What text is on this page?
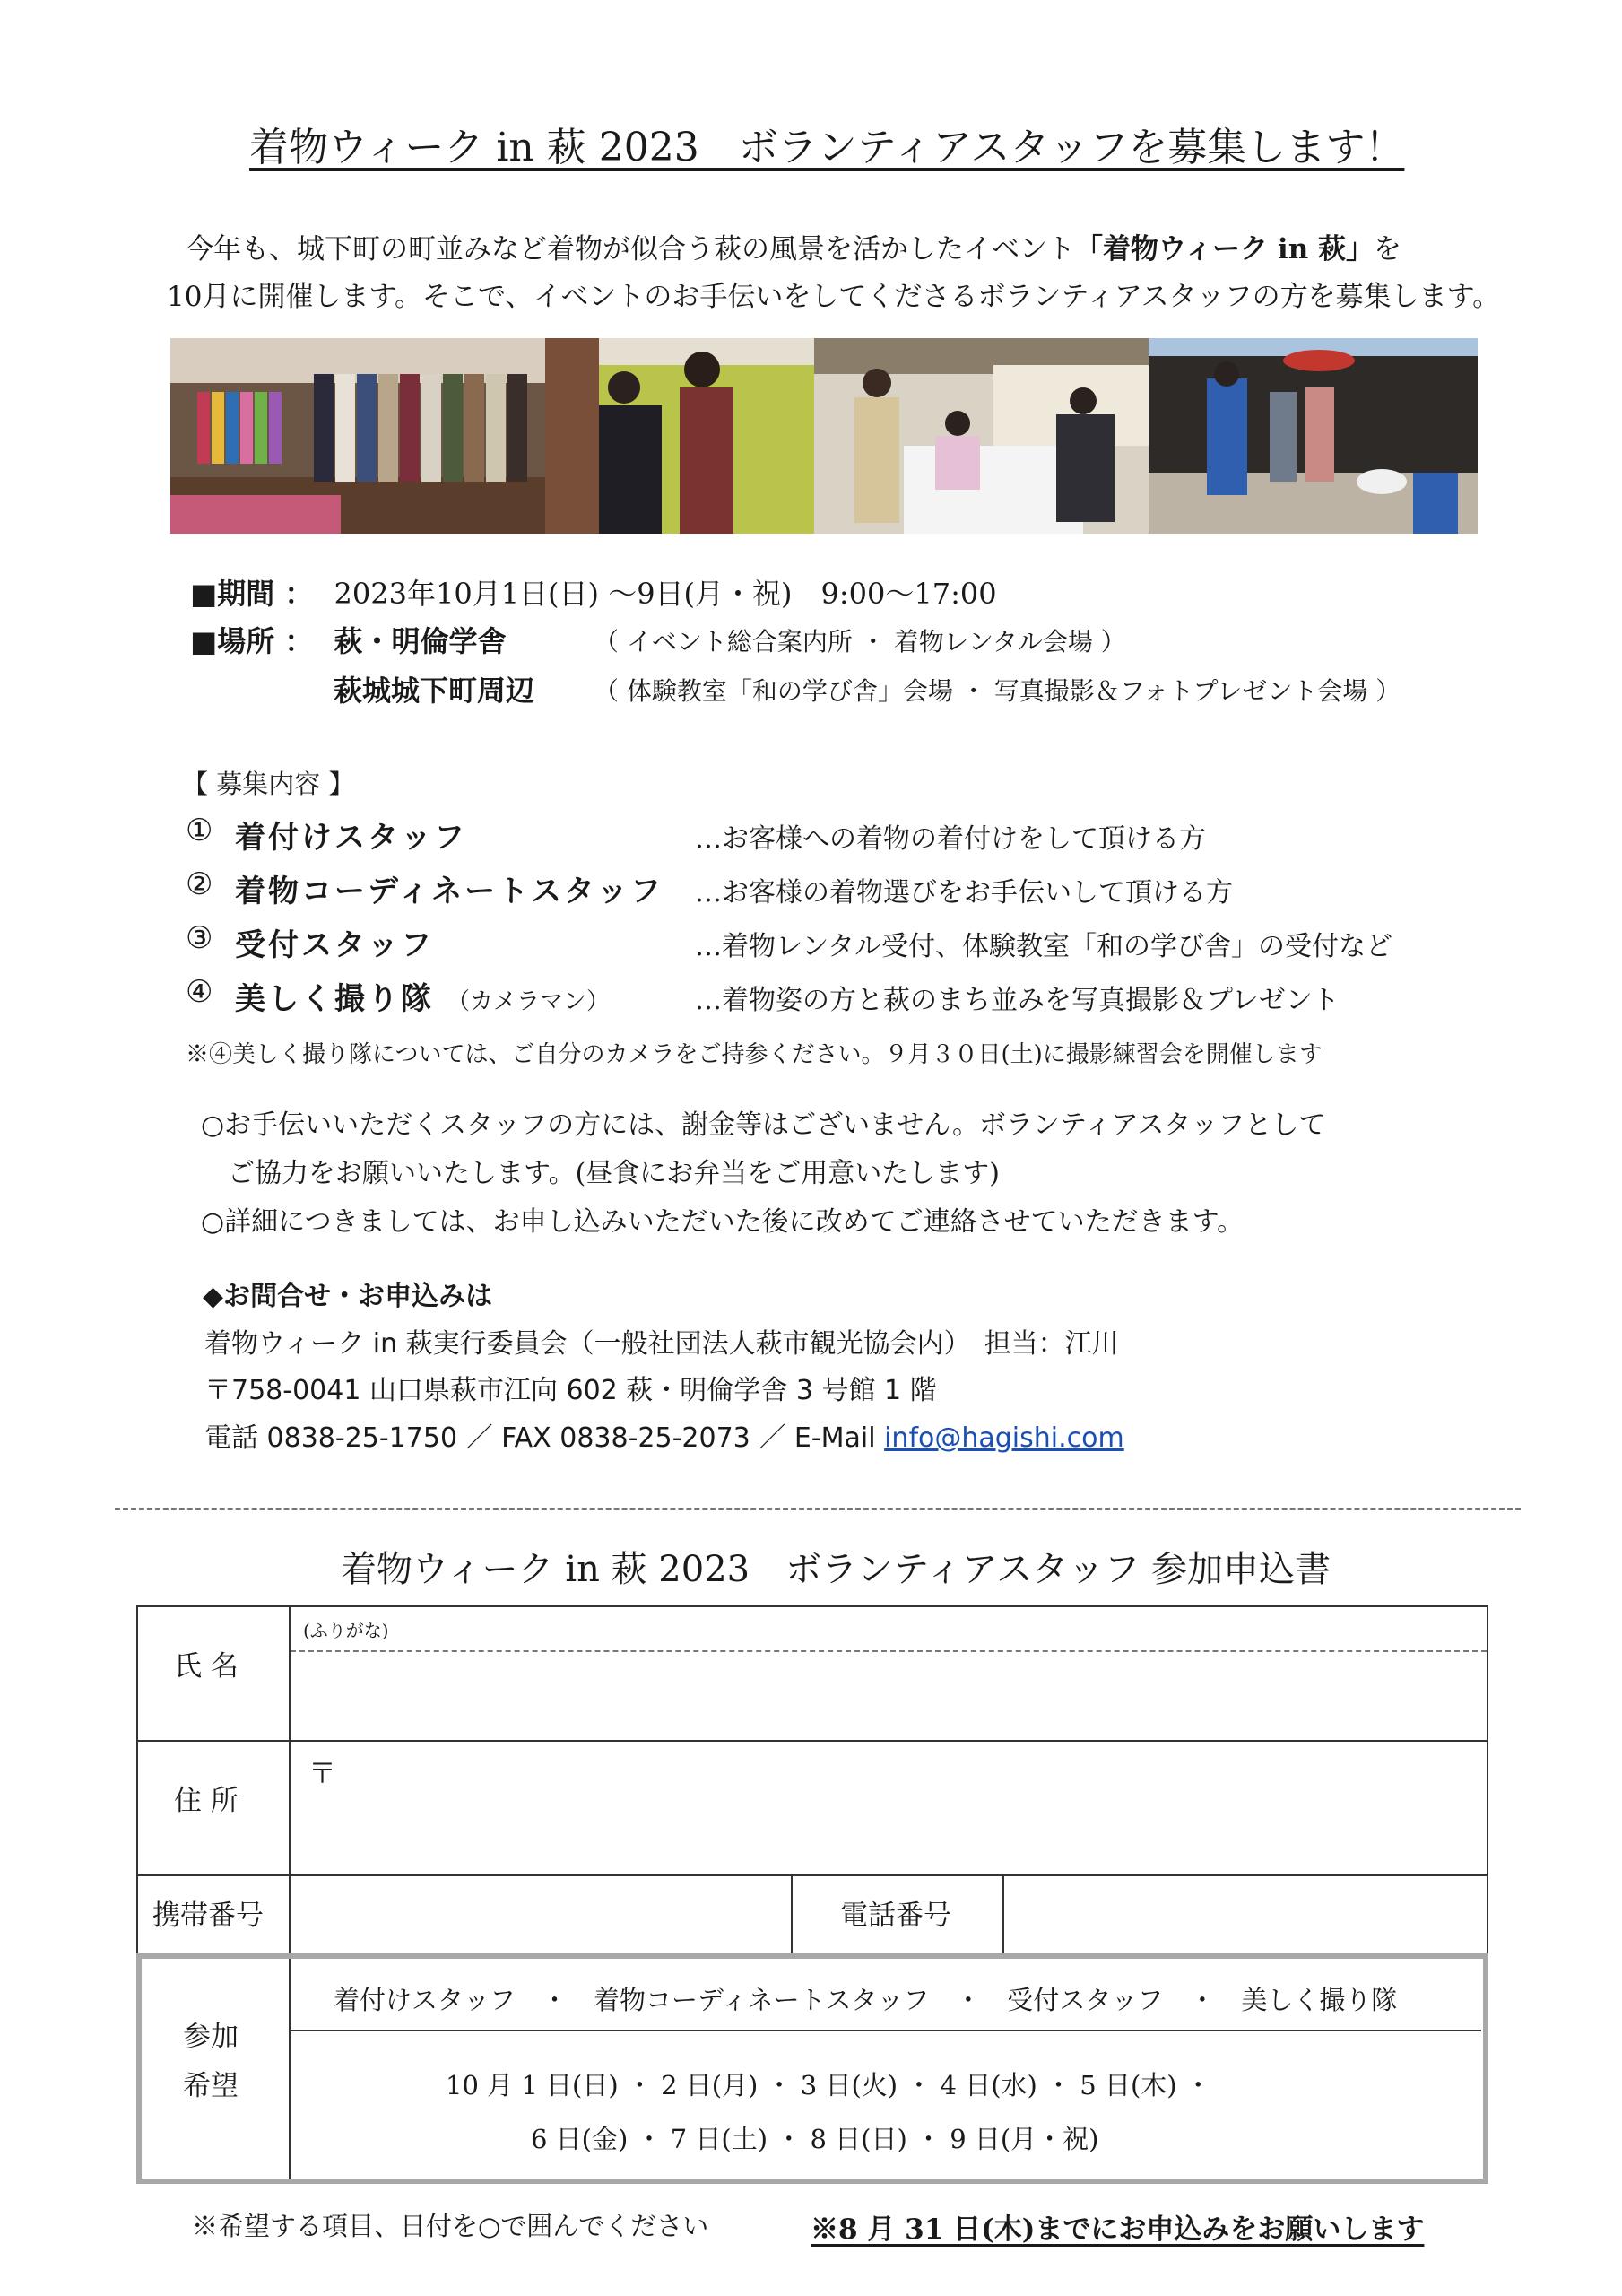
着物ウィーク in 萩 2023　ボランティアスタッフを募集します！
今年も、城下町の町並みなど着物が似合う萩の風景を活かしたイベント「着物ウィーク in 萩」を
10月に開催します。そこで、イベントのお手伝いをしてくださるボランティアスタッフの方を募集します。
■期間 ： 2023年10月1日(日) ～9日(月・祝)　9:00～17:00
■場所 ： 萩・明倫学舎	（ イベント総合案内所 ・ 着物レンタル会場 ）
萩城城下町周辺 （ 体験教室「和の学び舎」会場 ・ 写真撮影＆フォトプレゼント会場 ）
【 募集内容 】
① 着付けスタッフ	…お客様への着物の着付けをして頂ける方
② 着物コーディネートスタッフ …お客様の着物選びをお手伝いして頂ける方
③ 受付スタッフ	…着物レンタル受付、体験教室「和の学び舎」の受付など
④ 美しく撮り隊 （カメラマン）	…着物姿の方と萩のまち並みを写真撮影＆プレゼント
※④美しく撮り隊については、ご自分のカメラをご持参ください。９月３０日(土)に撮影練習会を開催します
○お手伝いいただくスタッフの方には、謝金等はございません。ボランティアスタッフとして
ご協力をお願いいたします。(昼食にお弁当をご用意いたします)
○詳細につきましては、お申し込みいただいた後に改めてご連絡させていただきます。
◆お問合せ・お申込みは
着物ウィーク in 萩実行委員会（一般社団法人萩市観光協会内）　担当：江川
〒758-0041 山口県萩市江向 602 萩・明倫学舎 3 号館 1 階
電話 0838-25-1750 ／ FAX 0838-25-2073 ／ E-Mail info@hagishi.com
着物ウィーク in 萩 2023　ボランティアスタッフ 参加申込書
氏 名
(ふりがな)
住 所
〒
携帯番号	電話番号
参加
希望
着付けスタッフ　・　着物コーディネートスタッフ　・　受付スタッフ　・　美しく撮り隊
10 月 1 日(日) ・ 2 日(月) ・ 3 日(火) ・ 4 日(水) ・ 5 日(木) ・
6 日(金) ・ 7 日(土) ・ 8 日(日) ・ 9 日(月・祝)
※希望する項目、日付を○で囲んでください	※8 月 31 日(木)までにお申込みをお願いします
